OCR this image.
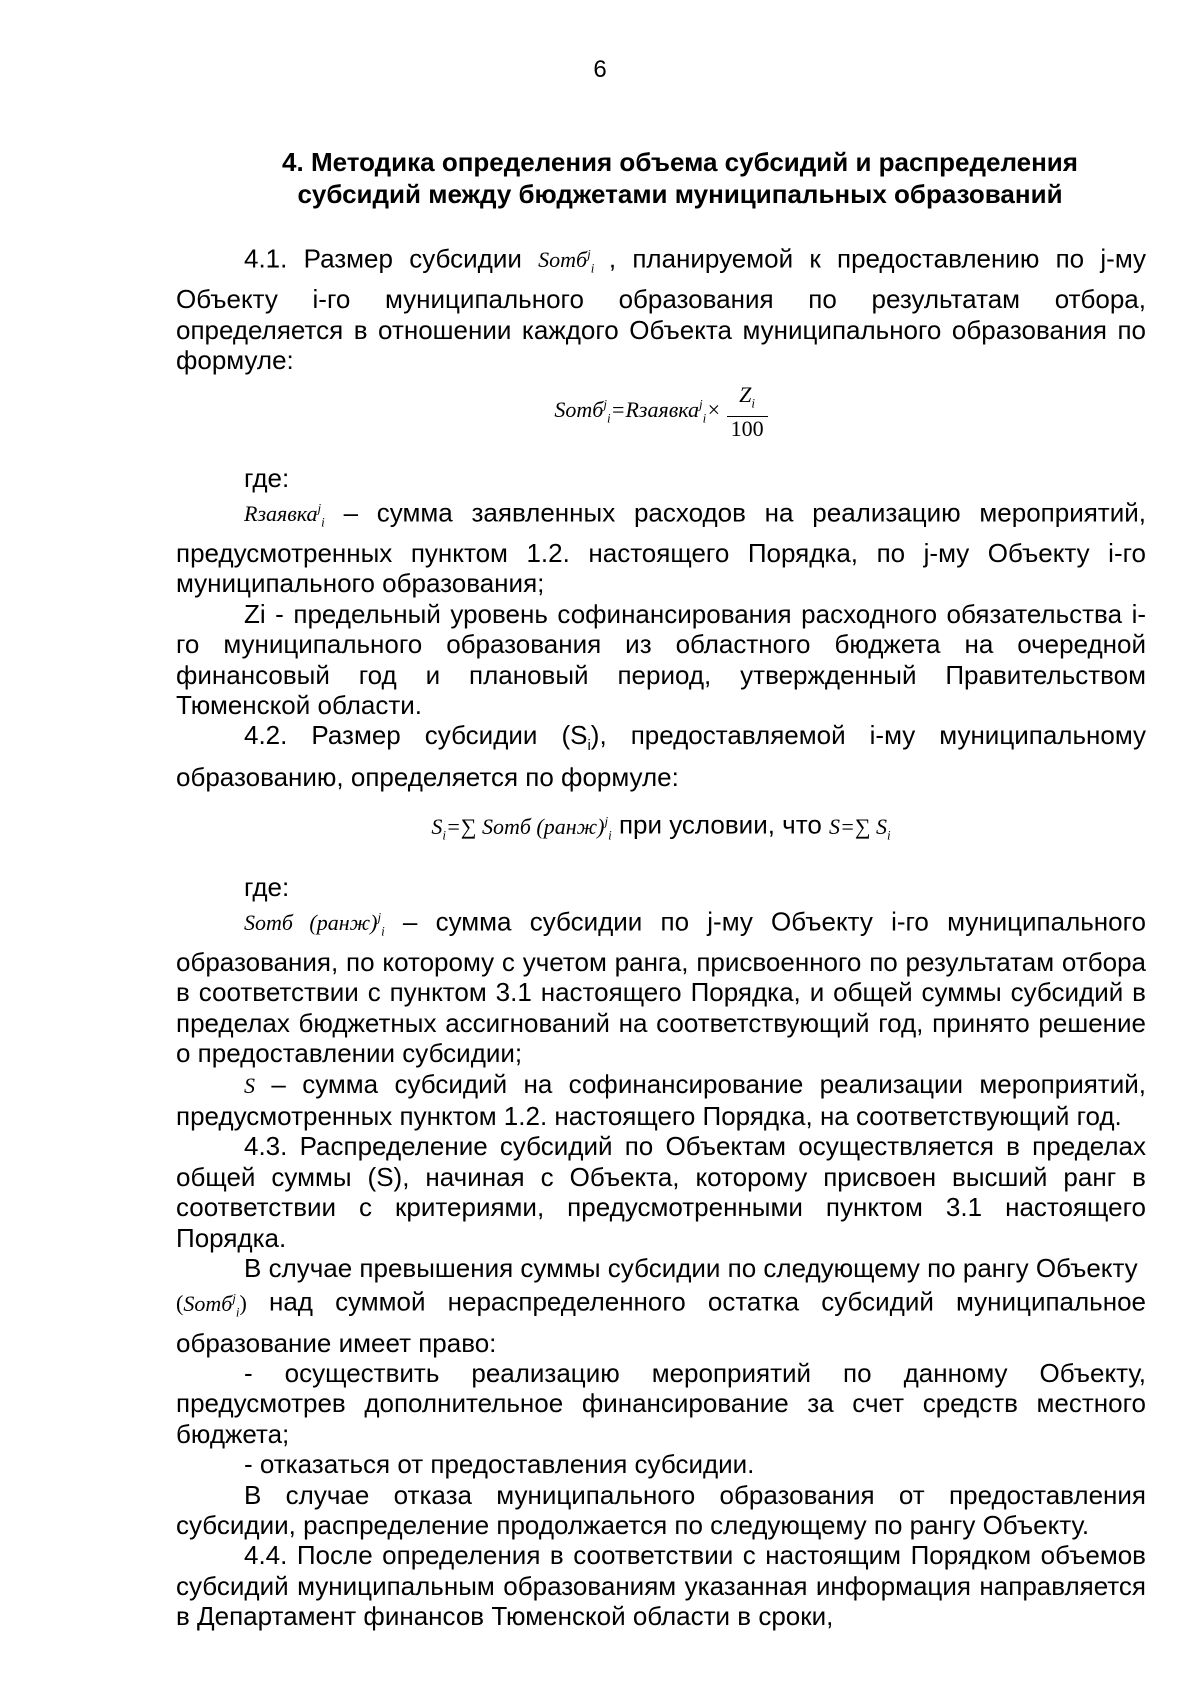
6
4. Методика определения объема субсидий и распределения субсидий между бюджетами муниципальных образований

4.1. Размер субсидии Sотб$^j_i$ , планируемой к предоставлению по j-му Объекту i-го муниципального образования по результатам отбора, определяется в отношении каждого Объекта муниципального образования по формуле:

Sотб$^j_i$=Rзаявка$^j_i$× $\frac{Z_i}{100}$

где:

Rзаявка$^j_i$ – сумма заявленных расходов на реализацию мероприятий, предусмотренных пунктом 1.2. настоящего Порядка, по j-му Объекту i-го муниципального образования;

Zi - предельный уровень софинансирования расходного обязательства i-го муниципального образования из областного бюджета на очередной финансовый год и плановый период, утвержденный Правительством Тюменской области.

4.2. Размер субсидии $(S_i)$, предоставляемой i-му муниципальному образованию, определяется по формуле:

$S_i=\sum$ Sотб (ранж)$^j_i$ при условии, что S=∑ $S_i$

где:

Sотб (ранж)$^j_i$ – сумма субсидии по j-му Объекту i-го муниципального образования, по которому с учетом ранга, присвоенного по результатам отбора в соответствии с пунктом 3.1 настоящего Порядка, и общей суммы субсидий в пределах бюджетных ассигнований на соответствующий год, принято решение о предоставлении субсидии;

S – сумма субсидий на софинансирование реализации мероприятий, предусмотренных пунктом 1.2. настоящего Порядка, на соответствующий год.

4.3. Распределение субсидий по Объектам осуществляется в пределах общей суммы (S), начиная с Объекта, которому присвоен высший ранг в соответствии с критериями, предусмотренными пунктом 3.1 настоящего Порядка.

В случае превышения суммы субсидии по следующему по рангу Объекту

(Sотб$^j_i$) над суммой нераспределенного остатка субсидий муниципальное образование имеет право:

- осуществить реализацию мероприятий по данному Объекту, предусмотрев дополнительное финансирование за счет средств местного бюджета;

- отказаться от предоставления субсидии.

В случае отказа муниципального образования от предоставления субсидии, распределение продолжается по следующему по рангу Объекту.

4.4. После определения в соответствии с настоящим Порядком объемов субсидий муниципальным образованиям указанная информация направляется в Департамент финансов Тюменской области в сроки,
